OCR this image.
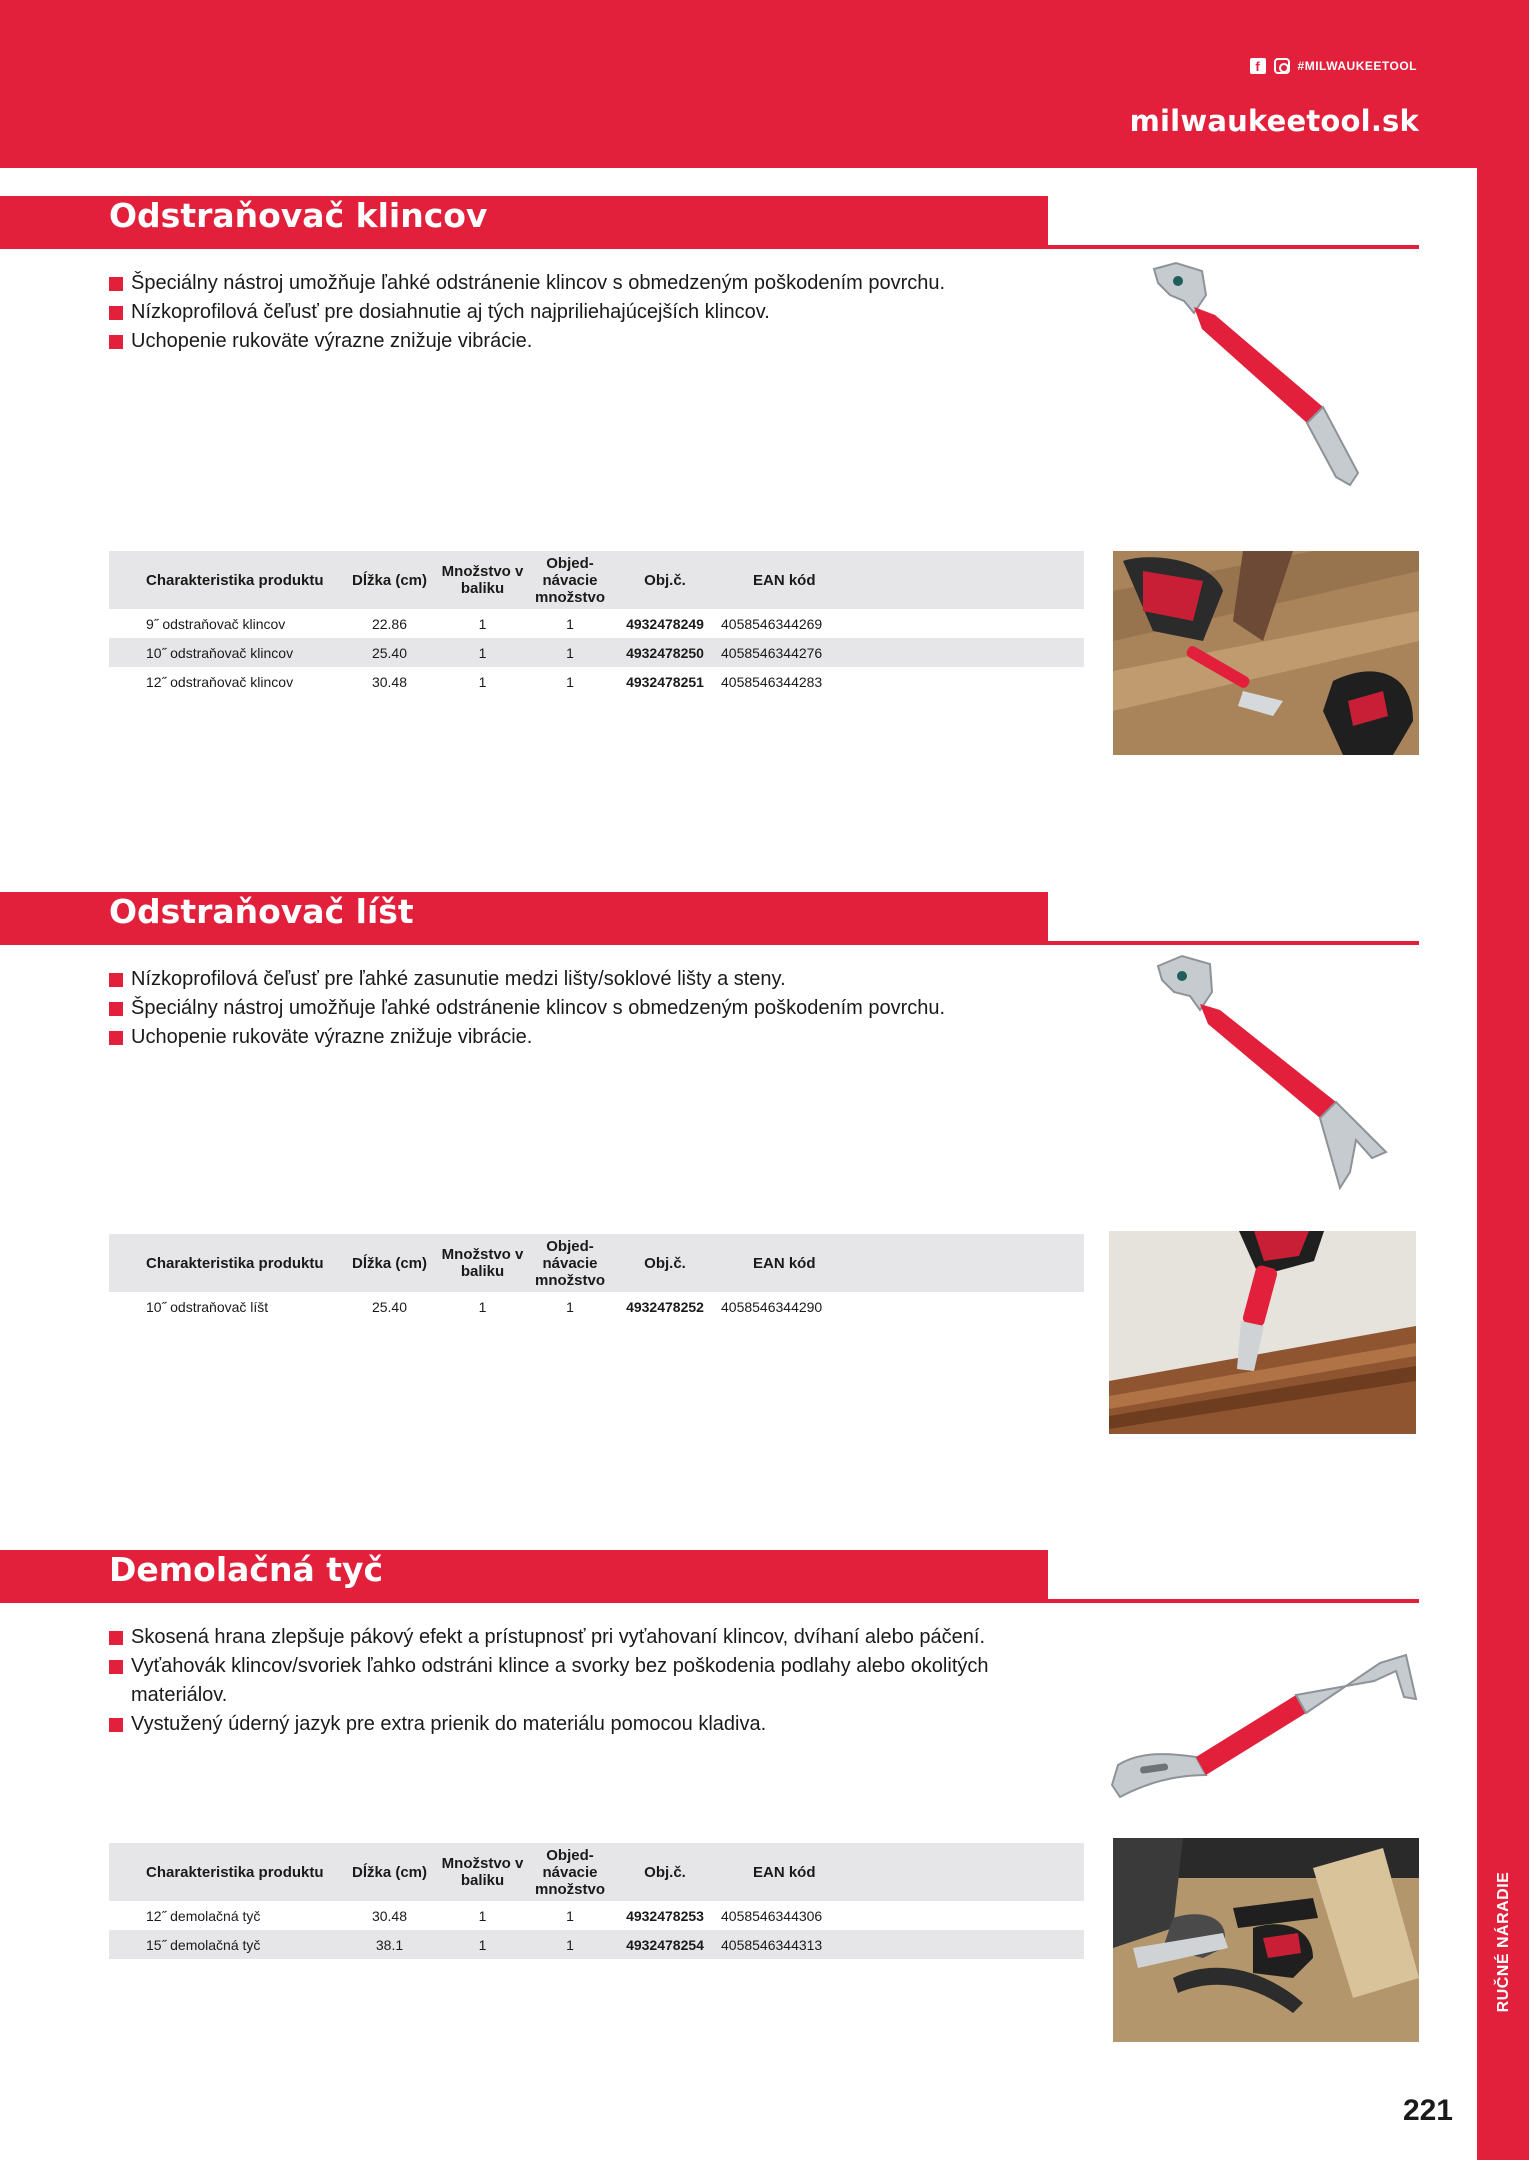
f	#MILWAUKEETOOL
milwaukeetool.sk
RUČNÉ NÁRADIE
221
Odstraňovač klincov
Špeciálny nástroj umožňuje ľahké odstránenie klincov s obmedzeným poškodením povrchu.
Nízkoprofilová čeľusť pre dosiahnutie aj tých najpriliehajúcejších klincov.
Uchopenie rukoväte výrazne znižuje vibrácie.
Charakteristika produktu	Dĺžka (cm)	Množstvo v baliku	Objed-návacie množstvo	Obj.č.	EAN kód
9˝ odstraňovač klincov	22.86	1	1	4932478249	4058546344269
10˝ odstraňovač klincov	25.40	1	1	4932478250	4058546344276
12˝ odstraňovač klincov	30.48	1	1	4932478251	4058546344283
Odstraňovač líšt
Nízkoprofilová čeľusť pre ľahké zasunutie medzi lišty/soklové lišty a steny.
Špeciálny nástroj umožňuje ľahké odstránenie klincov s obmedzeným poškodením povrchu.
Uchopenie rukoväte výrazne znižuje vibrácie.
Charakteristika produktu	Dĺžka (cm)	Množstvo v baliku	Objed-návacie množstvo	Obj.č.	EAN kód
10˝ odstraňovač líšt	25.40	1	1	4932478252	4058546344290
Demolačná tyč
Skosená hrana zlepšuje pákový efekt a prístupnosť pri vyťahovaní klincov, dvíhaní alebo páčení.
Vyťahovák klincov/svoriek ľahko odstráni klince a svorky bez poškodenia podlahy alebo okolitých materiálov.
Vystužený úderný jazyk pre extra prienik do materiálu pomocou kladiva.
Charakteristika produktu	Dĺžka (cm)	Množstvo v baliku	Objed-návacie množstvo	Obj.č.	EAN kód
12˝ demolačná tyč	30.48	1	1	4932478253	4058546344306
15˝ demolačná tyč	38.1	1	1	4932478254	4058546344313
